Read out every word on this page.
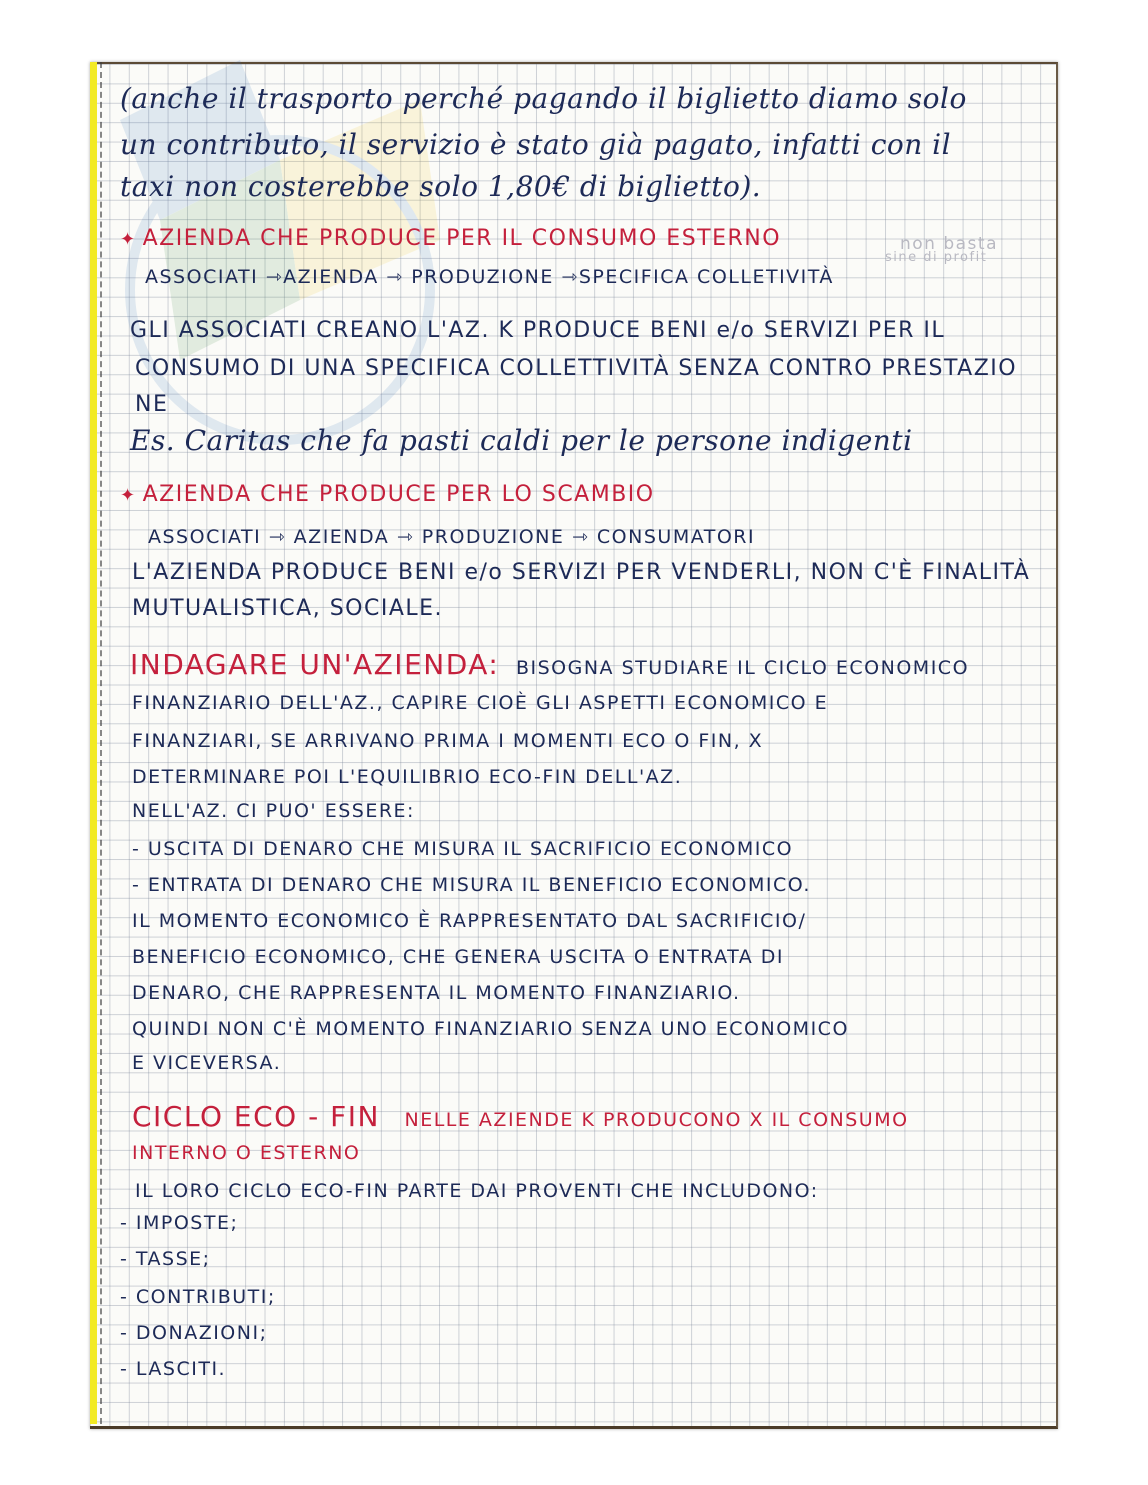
(anche il trasporto perché pagando il biglietto diamo solo
un contributo, il servizio è stato già pagato, infatti con il
taxi non costerebbe solo 1,80€ di biglietto).
✦ AZIENDA CHE PRODUCE PER IL CONSUMO ESTERNO	non basta
sine di profit
ASSOCIATI ⇾AZIENDA ⇾ PRODUZIONE ⇾SPECIFICA COLLETIVITÀ
GLI ASSOCIATI CREANO L'AZ. K PRODUCE BENI e/o SERVIZI PER IL
CONSUMO DI UNA SPECIFICA COLLETTIVITÀ SENZA CONTRO PRESTAZIO
NE
Es. Caritas che fa pasti caldi per le persone indigenti
✦ AZIENDA CHE PRODUCE PER LO SCAMBIO
ASSOCIATI ⇾ AZIENDA ⇾ PRODUZIONE ⇾ CONSUMATORI
L'AZIENDA PRODUCE BENI e/o SERVIZI PER VENDERLI, NON C'È FINALITÀ
MUTUALISTICA, SOCIALE.
INDAGARE UN'AZIENDA: BISOGNA STUDIARE IL CICLO ECONOMICO
FINANZIARIO DELL'AZ., CAPIRE CIOÈ GLI ASPETTI ECONOMICO E
FINANZIARI, SE ARRIVANO PRIMA I MOMENTI ECO O FIN, X
DETERMINARE POI L'EQUILIBRIO ECO-FIN DELL'AZ.
NELL'AZ. CI PUO' ESSERE:
- USCITA DI DENARO CHE MISURA IL SACRIFICIO ECONOMICO
- ENTRATA DI DENARO CHE MISURA IL BENEFICIO ECONOMICO.
IL MOMENTO ECONOMICO È RAPPRESENTATO DAL SACRIFICIO/
BENEFICIO ECONOMICO, CHE GENERA USCITA O ENTRATA DI
DENARO, CHE RAPPRESENTA IL MOMENTO FINANZIARIO.
QUINDI NON C'È MOMENTO FINANZIARIO SENZA UNO ECONOMICO
E VICEVERSA.
CICLO ECO - FIN NELLE AZIENDE K PRODUCONO X IL CONSUMO
INTERNO O ESTERNO
IL LORO CICLO ECO-FIN PARTE DAI PROVENTI CHE INCLUDONO:
- IMPOSTE;
- TASSE;
- CONTRIBUTI;
- DONAZIONI;
- LASCITI.
